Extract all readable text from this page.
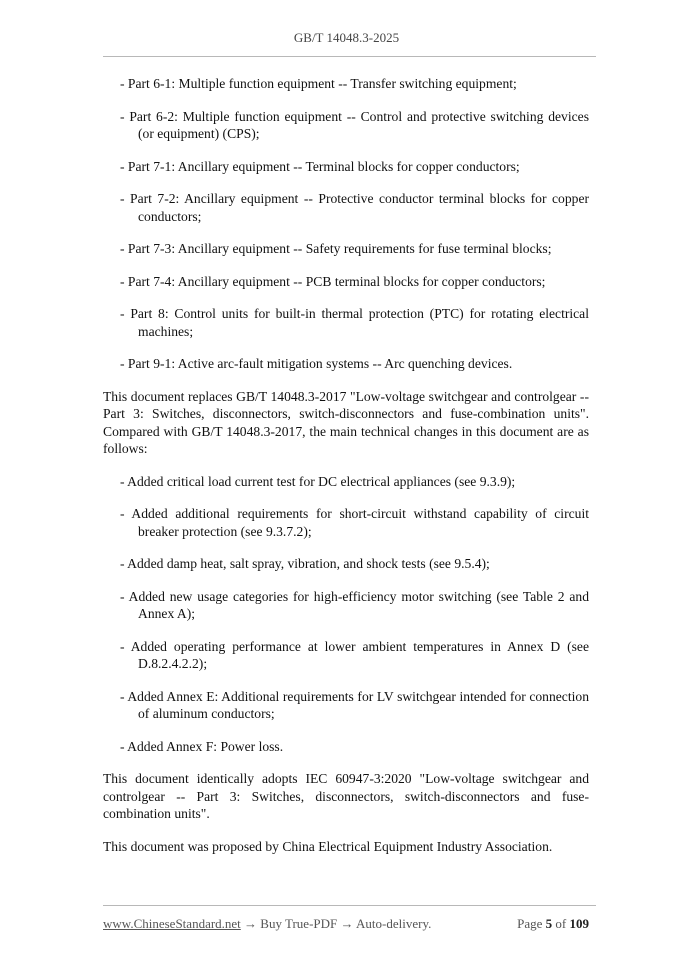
GB/T 14048.3-2025

- Part 6-1: Multiple function equipment -- Transfer switching equipment;

- Part 6-2: Multiple function equipment -- Control and protective switching devices (or equipment) (CPS);

- Part 7-1: Ancillary equipment -- Terminal blocks for copper conductors;

- Part 7-2: Ancillary equipment -- Protective conductor terminal blocks for copper conductors;

- Part 7-3: Ancillary equipment -- Safety requirements for fuse terminal blocks;

- Part 7-4: Ancillary equipment -- PCB terminal blocks for copper conductors;

- Part 8: Control units for built-in thermal protection (PTC) for rotating electrical machines;

- Part 9-1: Active arc-fault mitigation systems -- Arc quenching devices.

This document replaces GB/T 14048.3-2017 "Low-voltage switchgear and controlgear -- Part 3: Switches, disconnectors, switch-disconnectors and fuse-combination units". Compared with GB/T 14048.3-2017, the main technical changes in this document are as follows:

- Added critical load current test for DC electrical appliances (see 9.3.9);

- Added additional requirements for short-circuit withstand capability of circuit breaker protection (see 9.3.7.2);

- Added damp heat, salt spray, vibration, and shock tests (see 9.5.4);

- Added new usage categories for high-efficiency motor switching (see Table 2 and Annex A);

- Added operating performance at lower ambient temperatures in Annex D (see D.8.2.4.2.2);

- Added Annex E: Additional requirements for LV switchgear intended for connection of aluminum conductors;

- Added Annex F: Power loss.

This document identically adopts IEC 60947-3:2020 "Low-voltage switchgear and controlgear -- Part 3: Switches, disconnectors, switch-disconnectors and fuse-combination units".

This document was proposed by China Electrical Equipment Industry Association.

www.ChineseStandard.net → Buy True-PDF → Auto-delivery.	Page 5 of 109
